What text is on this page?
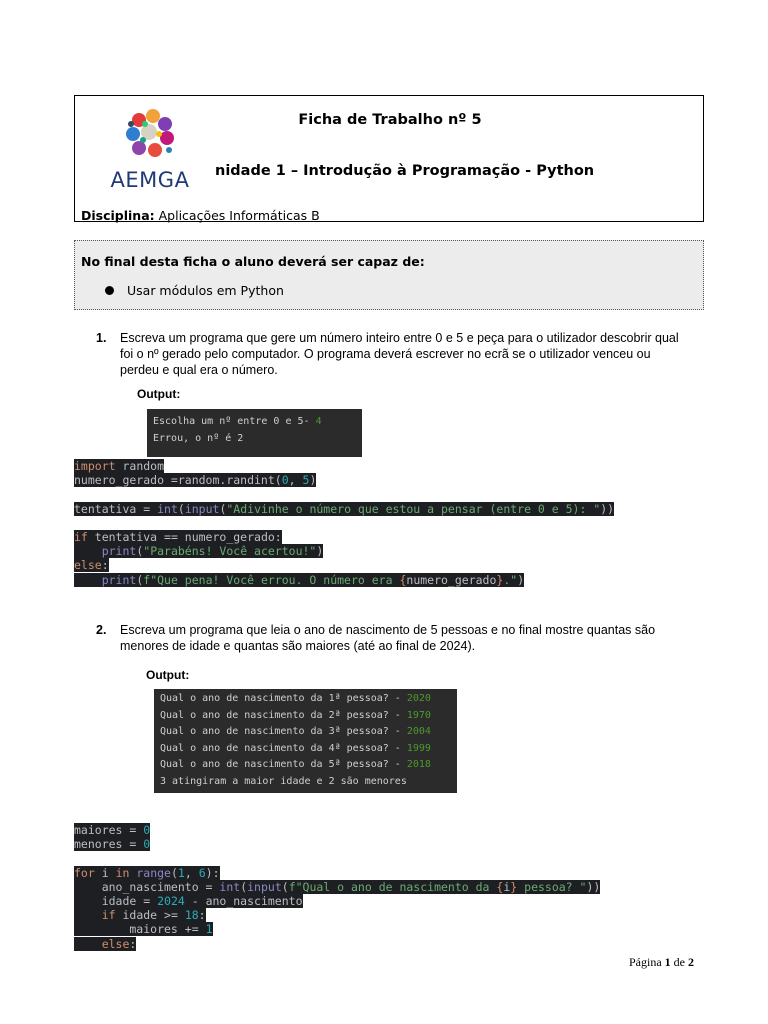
AEMGA
Ficha de Trabalho nº 5
nidade 1 – Introdução à Programação - Python
Disciplina: Aplicações Informáticas B
No final desta ficha o aluno deverá ser capaz de:
Usar módulos em Python
1. Escreva um programa que gere um número inteiro entre 0 e 5 e peça para o utilizador descobrir qual foi o nº gerado pelo computador. O programa deverá escrever no ecrã se o utilizador venceu ou perdeu e qual era o número.
Output:
Escolha um nº entre 0 e 5- 4
Errou, o nº é 2
import random
numero_gerado =random.randint(0, 5)
tentativa = int(input("Adivinhe o número que estou a pensar (entre 0 e 5): "))
if tentativa == numero_gerado:
print("Parabéns! Você acertou!")
else:
print(f"Que pena! Você errou. O número era {numero_gerado}.")
2. Escreva um programa que leia o ano de nascimento de 5 pessoas e no final mostre quantas são menores de idade e quantas são maiores (até ao final de 2024).
Output:
Qual o ano de nascimento da 1ª pessoa? - 2020
Qual o ano de nascimento da 2ª pessoa? - 1970
Qual o ano de nascimento da 3ª pessoa? - 2004
Qual o ano de nascimento da 4ª pessoa? - 1999
Qual o ano de nascimento da 5ª pessoa? - 2018
3 atingiram a maior idade e 2 são menores
maiores = 0
menores = 0
for i in range(1, 6):
ano_nascimento = int(input(f"Qual o ano de nascimento da {i} pessoa? "))
idade = 2024 - ano_nascimento
if idade >= 18:
maiores += 1
else:
Página 1 de 2
